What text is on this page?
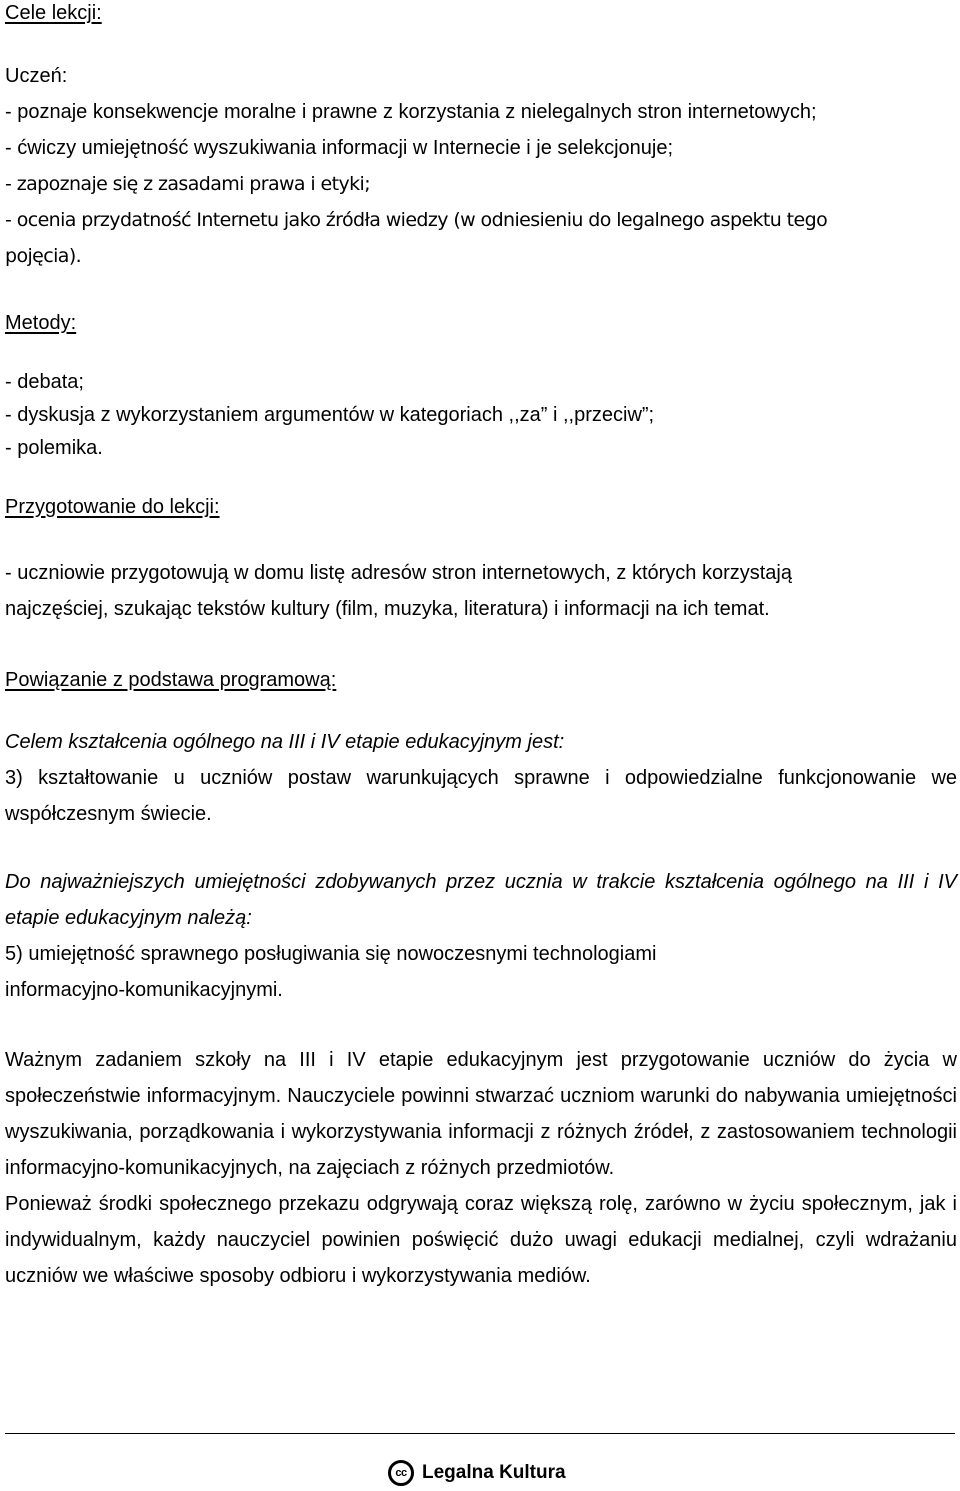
Cele lekcji:

Uczeń:

- poznaje konsekwencje moralne i prawne z korzystania z nielegalnych stron internetowych;

- ćwiczy umiejętność wyszukiwania informacji w Internecie i je selekcjonuje;

- zapoznaje się z zasadami prawa i etyki;

- ocenia przydatność Internetu jako źródła wiedzy (w odniesieniu do legalnego aspektu tego

pojęcia).

Metody:

- debata;

- dyskusja z wykorzystaniem argumentów w kategoriach ,,za” i ,,przeciw”;

- polemika.

Przygotowanie do lekcji:

- uczniowie przygotowują w domu listę adresów stron internetowych, z których korzystają

najczęściej, szukając tekstów kultury (film, muzyka, literatura) i informacji na ich temat.

Powiązanie z podstawa programową:

Celem kształcenia ogólnego na III i IV etapie edukacyjnym jest:

3) kształtowanie u uczniów postaw warunkujących sprawne i odpowiedzialne funkcjonowanie we współczesnym świecie.
Do najważniejszych umiejętności zdobywanych przez ucznia w trakcie kształcenia ogólnego na III i IV etapie edukacyjnym należą:

5) umiejętność sprawnego posługiwania się nowoczesnymi technologiami

informacyjno-komunikacyjnymi.

Ważnym zadaniem szkoły na III i IV etapie edukacyjnym jest przygotowanie uczniów do życia w społeczeństwie informacyjnym. Nauczyciele powinni stwarzać uczniom warunki do nabywania umiejętności wyszukiwania, porządkowania i wykorzystywania informacji z różnych źródeł, z zastosowaniem technologii informacyjno-komunikacyjnych, na zajęciach z różnych przedmiotów.
Ponieważ środki społecznego przekazu odgrywają coraz większą rolę, zarówno w życiu społecznym, jak i indywidualnym, każdy nauczyciel powinien poświęcić dużo uwagi edukacji medialnej, czyli wdrażaniu uczniów we właściwe sposoby odbioru i wykorzystywania mediów.
cc Legalna Kultura
